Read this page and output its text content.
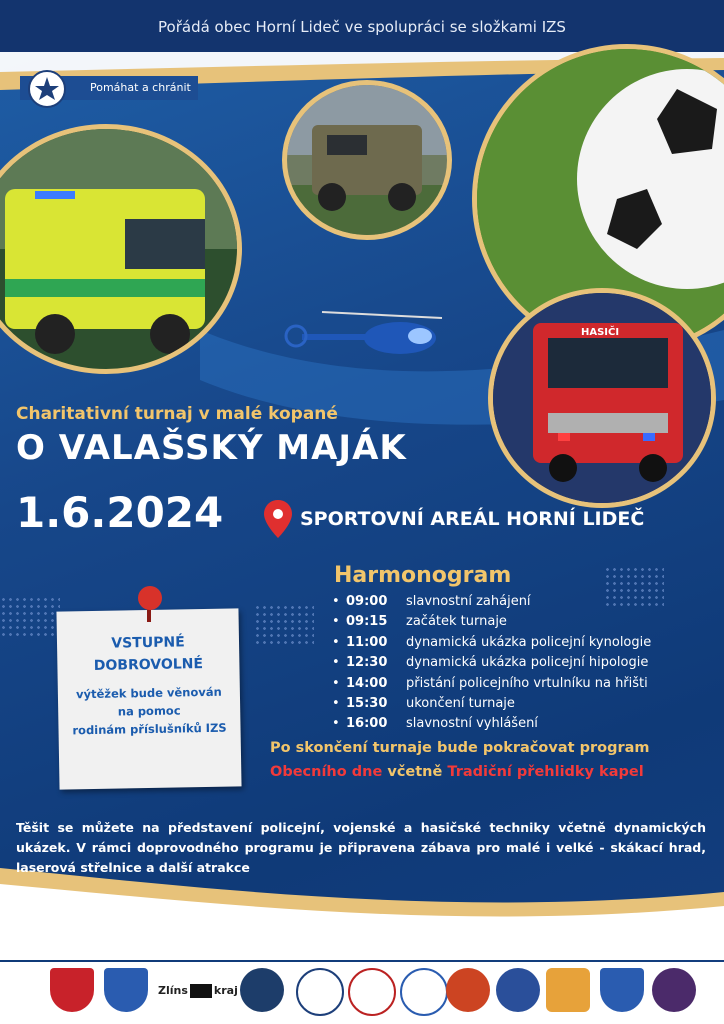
Pořádá obec Horní Lideč ve spolupráci se složkami IZS
Pomáhat a chránit
HASIČI
Charitativní turnaj v malé kopané
O VALAŠSKÝ MAJÁK
1.6.2024	SPORTOVNÍ AREÁL HORNÍ LIDEČ
Harmonogram
• 09:00 slavnostní zahájení
• 09:15 začátek turnaje
• 11:00 dynamická ukázka policejní kynologie
• 12:30 dynamická ukázka policejní hipologie
• 14:00 přistání policejního vrtulníku na hřišti
• 15:30 ukončení turnaje
• 16:00 slavnostní vyhlášení
VSTUPNÉ
DOBROVOLNÉ
výtěžek bude věnován
na pomoc
rodinám příslušníků IZS
Po skončení turnaje bude pokračovat program
Obecního dne včetně Tradiční přehlidky kapel
Těšit se můžete na představení policejní, vojenské a hasičské techniky včetně dynamických ukázek. V rámci doprovodného programu je připravena zábava pro malé i velké - skákací hrad, laserová střelnice a další atrakce
Zlíns kraj
